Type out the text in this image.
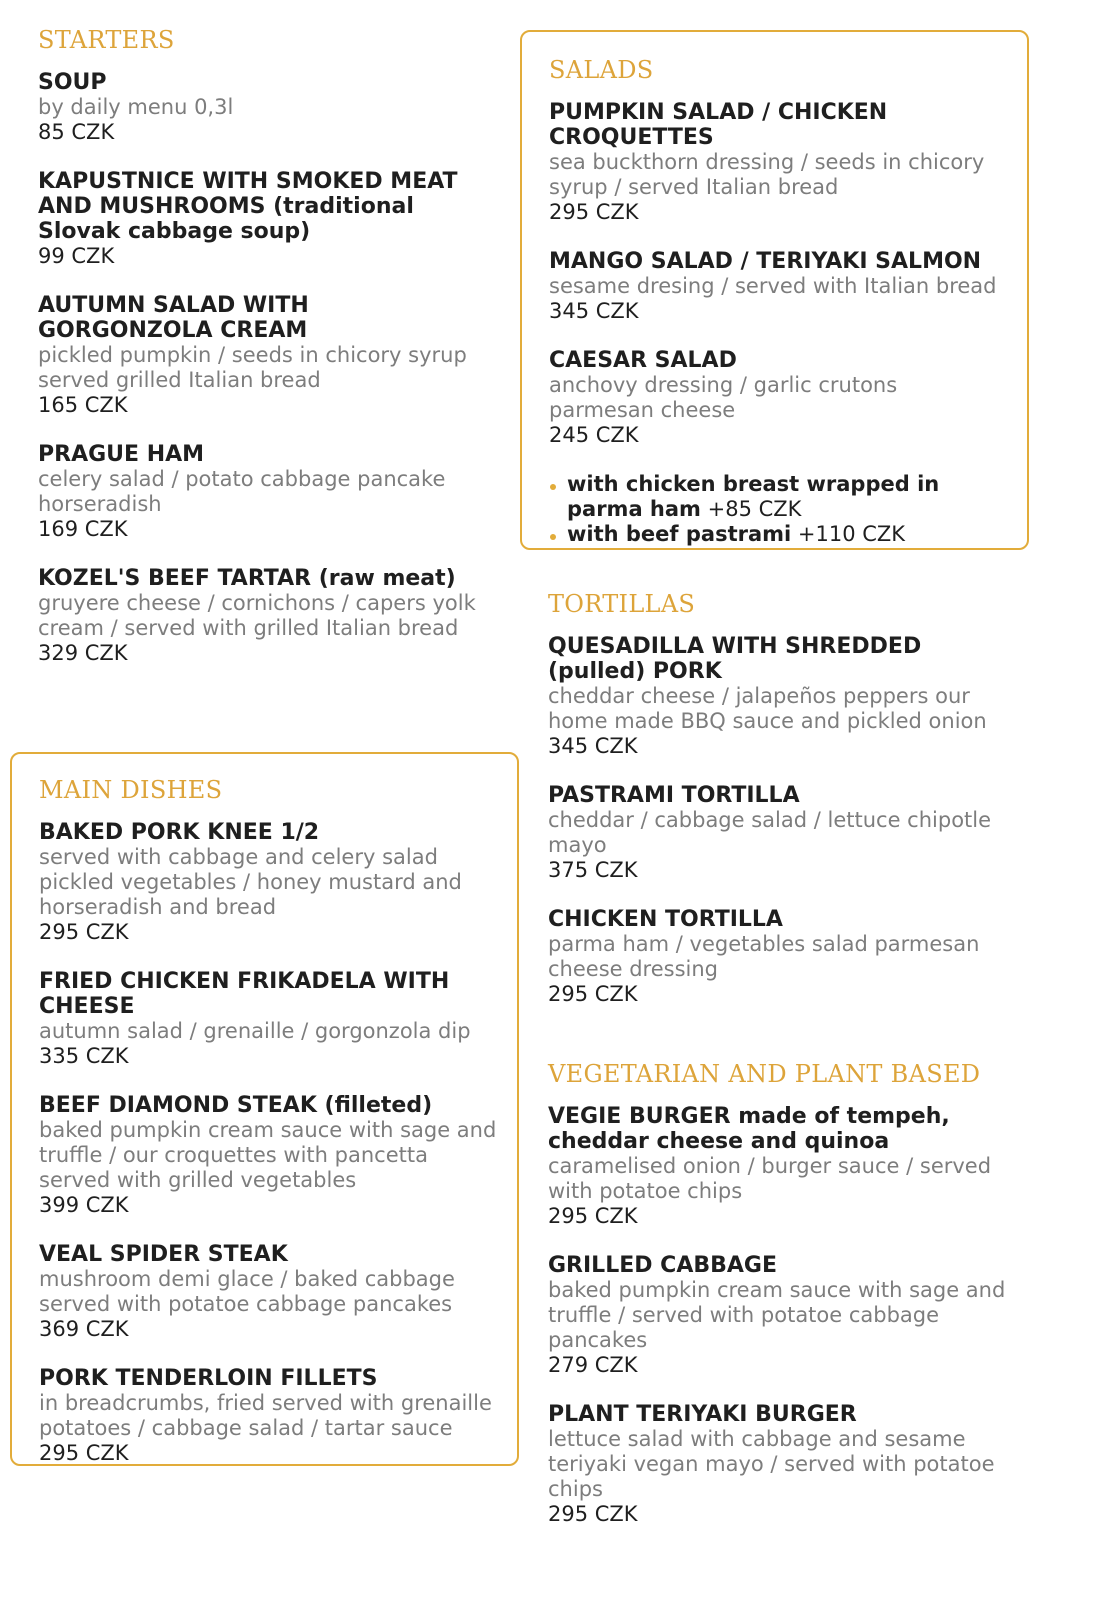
STARTERS

SOUP

by daily menu 0,3l

85 CZK

KAPUSTNICE WITH SMOKED MEAT AND MUSHROOMS (traditional Slovak cabbage soup)

99 CZK

AUTUMN SALAD WITH GORGONZOLA CREAM

pickled pumpkin / seeds in chicory syrup served grilled Italian bread

165 CZK

PRAGUE HAM

celery salad / potato cabbage pancake horseradish

169 CZK

KOZEL'S BEEF TARTAR (raw meat)

gruyere cheese / cornichons / capers yolk cream / served with grilled Italian bread

329 CZK

SALADS

PUMPKIN SALAD / CHICKEN CROQUETTES

sea buckthorn dressing / seeds in chicory syrup / served Italian bread

295 CZK

MANGO SALAD / TERIYAKI SALMON

sesame dresing / served with Italian bread

345 CZK

CAESAR SALAD

anchovy dressing / garlic crutons parmesan cheese

245 CZK

with chicken breast wrapped in parma ham +85 CZK
with beef pastrami +110 CZK
MAIN DISHES

BAKED PORK KNEE 1/2

served with cabbage and celery salad pickled vegetables / honey mustard and horseradish and bread

295 CZK

FRIED CHICKEN FRIKADELA WITH CHEESE

autumn salad / grenaille / gorgonzola dip

335 CZK

BEEF DIAMOND STEAK (filleted)

baked pumpkin cream sauce with sage and truffle / our croquettes with pancetta served with grilled vegetables

399 CZK

VEAL SPIDER STEAK

mushroom demi glace / baked cabbage served with potatoe cabbage pancakes

369 CZK

PORK TENDERLOIN FILLETS

in breadcrumbs, fried served with grenaille potatoes / cabbage salad / tartar sauce

295 CZK

TORTILLAS

QUESADILLA WITH SHREDDED (pulled) PORK

cheddar cheese / jalapeños peppers our home made BBQ sauce and pickled onion

345 CZK

PASTRAMI TORTILLA

cheddar / cabbage salad / lettuce chipotle mayo

375 CZK

CHICKEN TORTILLA

parma ham / vegetables salad parmesan cheese dressing

295 CZK

VEGETARIAN AND PLANT BASED

VEGIE BURGER made of tempeh, cheddar cheese and quinoa

caramelised onion / burger sauce / served with potatoe chips

295 CZK

GRILLED CABBAGE

baked pumpkin cream sauce with sage and truffle / served with potatoe cabbage pancakes

279 CZK

PLANT TERIYAKI BURGER

lettuce salad with cabbage and sesame teriyaki vegan mayo / served with potatoe chips

295 CZK
